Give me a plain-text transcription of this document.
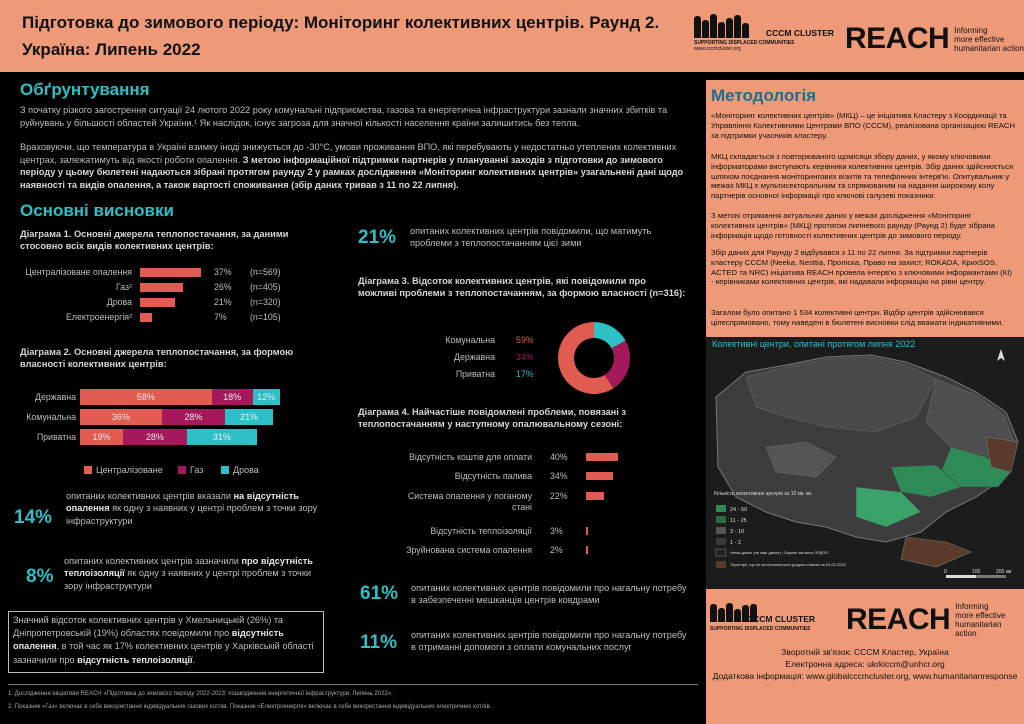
Підготовка до зимового періоду: Моніторинг колективних центрів. Раунд 2.
Україна: Липень 2022
CCCM CLUSTER
SUPPORTING DISPLACED COMMUNITIES
www.cccmcluster.org	REACH Informing
more effective
humanitarian action
Обґрунтування
З початку різкого загострення ситуації 24 лютого 2022 року комунальні підприємства, газова та енергетична інфраструктури зазнали значних збитків та руйнувань у більшості областей України.¹ Як наслідок, існує загроза для значної кількості населення країни залишитись без тепла.
Враховуючи, що температура в Україні взимку іноді знижується до -30°C, умови проживання ВПО, які перебувають у недостатньо утеплених колективних центрах, залежатимуть від якості роботи опалення. З метою інформаційної підтримки партнерів у плануванні заходів з підготовки до зимового періоду у цьому бюлетені надаються зібрані протягом раунду 2 у рамках дослідження «Моніторинг колективних центрів» узагальнені дані щодо наявності та видів опалення, а також вартості споживання (збір даних тривав з 11 по 22 липня).
Основні висновки
Діаграма 1. Основні джерела теплопостачання, за даними стосовно всіх видів колективних центрів:
Централізоване опалення	37% (n=569)
Газ²	26% (n=405)
Дрова	21% (n=320)
Електроенергія²	7%	(n=105)
Діаграма 2. Основні джерела теплопостачання, за формою власності колективних центрів:
Державна	58%	18%	12%
Комунальна	36%	28%	21%
Приватна	19%	28%	31%
Централізоване	Газ	Дрова
14%
опитаних колективних центрів вказали на відсутність опалення як одну з наявних у центрі проблем з точки зору інфраструктури
8%
опитаних колективних центрів зазначили про відсутність теплоізоляції як одну з наявних у центрі проблем з точки зору інфраструктури
Значний відсоток колективних центрів у Хмельницькій (26%) та Дніпропетровській (19%) областях повідомили про відсутність опалення, в той час як 17% колективних центрів у Харківській області зазначили про відсутність теплоізоляції.
21% опитаних колективних центрів повідомили, що матимуть проблеми з теплопостачанням цієї зими
Діаграма 3. Відсоток колективних центрів, які повідомили про можливі проблеми з теплопостачанням, за формою власності (n=316):
Комунальна 59%
Державна 24%
Приватна 17%
Діаграма 4. Найчастіше повідомлені проблеми, повязані з теплопостачанням у наступному опалювальному сезоні:
Відсутність коштів для оплати 40%
Відсутність палива 34%
Система опалення у поганому стані
22%
Відсутність теплоізоляції 3%
Зруйнована система опалення 2%
61% опитаних колективних центрів повідомили про нагальну потребу в забезпеченні мешканців центрів ковдрами
11% опитаних колективних центрів повідомили про нагальну потребу в отриманні допомоги з оплати комунальних послуг
Методологія
«Моніторинг колективних центрів» (МКЦ) – це ініціатива Кластеру з Координації та Управління Колективними Центрами ВПО (CCCM), реалізована організацією REACH за підтримки учасників кластеру.
МКЦ складається з повторюваного щомісяця збору даних, у якому ключовими інформаторами виступають керівники колективних центрів. Збір даних здійснюється шляхом поєднання моніторингових візитів та телефонних інтерв'ю. Опитувальник у межах МКЦ є мультисекторальним та спрямованим на надання широкому колу партнерів основної інформації про ключові галузеві показники.
З метою отримання актуальних даних у межах дослідження «Моніторинг колективних центрів» (МКЦ) протягом липневого раунду (Раунд 2) буде зібрана інформація щодо готовності колективних центрів до зимового періоду.
Збір даних для Раунду 2 відбувався з 11 по 22 липня. За підтримки партнерів кластеру CCCM (Neeka, Nesttia, Пропіска, Право на захист, ROKADA, КрихSOS, ACTED та NRC) ініціатива REACH провела інтерв'ю з ключовими інформантами (КІ) - керівниками колективних центрів, які надавали інформацію на рівні центру.
Загалом було опитано 1 534 колективні центри. Відбір центрів здійснювався цілеспрямовано, тому наведені в бюлетені висновки слід вважати індикативними.
Кількість колективних центрів за 10 км. кв.
24 - 50
11 - 25
3 - 10
1 - 2
Нема даних (не має даних) / Окремі частини ОРДЛО
Території, що не контролюються урядом станом на 24.02.2022
0	100	200 км
Колективні центри, опитані протягом липня 2022
CCCM CLUSTER
SUPPORTING DISPLACED COMMUNITIES REACH Informing
more effective
humanitarian action
Зворотній зв'язок: CCCM Кластер, Україна
Електронна адреса: ukrkiccm@unhcr.org
Додаткова інформація: www.globalcccmcluster.org, www.humanitarianresponse
1. Дослідження ініціативи REACH «Підготовка до зимового періоду 2022-2023: пошкодження енергетичної інфраструктури. Липень 2022».
2. Показник «Газ» включає в себе використання індивідуальних газових котлів. Показник «Електроенергія» включає в себе використання індивідуальних електричних котлів.
